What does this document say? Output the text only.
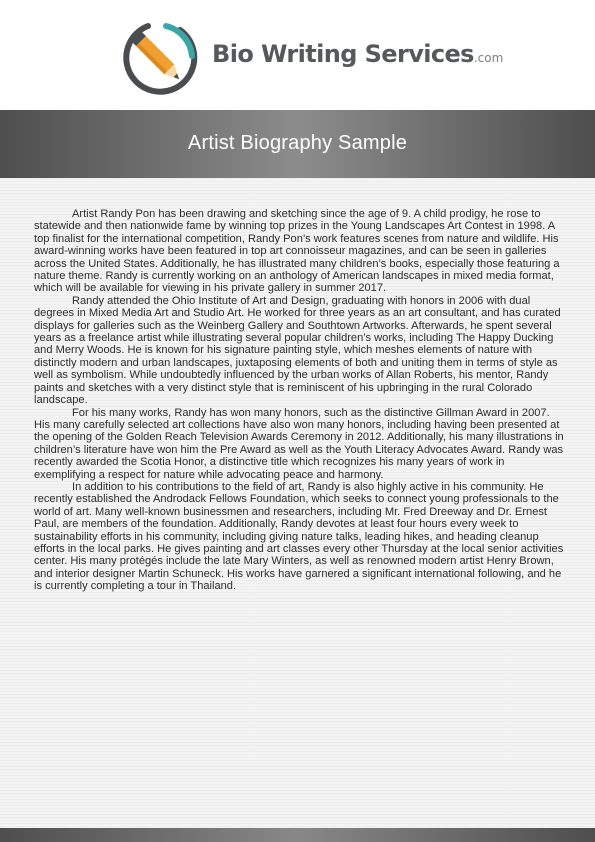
Bio Writing Services.com
Artist Biography Sample

Artist Randy Pon has been drawing and sketching since the age of 9. A child prodigy, he rose to statewide and then nationwide fame by winning top prizes in the Young Landscapes Art Contest in 1998. A top finalist for the international competition, Randy Pon’s work features scenes from nature and wildlife. His award-winning works have been featured in top art connoisseur magazines, and can be seen in galleries across the United States. Additionally, he has illustrated many children’s books, especially those featuring a nature theme. Randy is currently working on an anthology of American landscapes in mixed media format, which will be available for viewing in his private gallery in summer 2017.

Randy attended the Ohio Institute of Art and Design, graduating with honors in 2006 with dual degrees in Mixed Media Art and Studio Art. He worked for three years as an art consultant, and has curated displays for galleries such as the Weinberg Gallery and Southtown Artworks. Afterwards, he spent several years as a freelance artist while illustrating several popular children’s works, including The Happy Ducking and Merry Woods. He is known for his signature painting style, which meshes elements of nature with distinctly modern and urban landscapes, juxtaposing elements of both and uniting them in terms of style as well as symbolism. While undoubtedly influenced by the urban works of Allan Roberts, his mentor, Randy paints and sketches with a very distinct style that is reminiscent of his upbringing in the rural Colorado landscape.

For his many works, Randy has won many honors, such as the distinctive Gillman Award in 2007. His many carefully selected art collections have also won many honors, including having been presented at the opening of the Golden Reach Television Awards Ceremony in 2012. Additionally, his many illustrations in children’s literature have won him the Pre Award as well as the Youth Literacy Advocates Award. Randy was recently awarded the Scotia Honor, a distinctive title which recognizes his many years of work in exemplifying a respect for nature while advocating peace and harmony.

In addition to his contributions to the field of art, Randy is also highly active in his community. He recently established the Androdack Fellows Foundation, which seeks to connect young professionals to the world of art. Many well-known businessmen and researchers, including Mr. Fred Dreeway and Dr. Ernest Paul, are members of the foundation. Additionally, Randy devotes at least four hours every week to sustainability efforts in his community, including giving nature talks, leading hikes, and heading cleanup efforts in the local parks. He gives painting and art classes every other Thursday at the local senior activities center. His many protégés include the late Mary Winters, as well as renowned modern artist Henry Brown, and interior designer Martin Schuneck. His works have garnered a significant international following, and he is currently completing a tour in Thailand.
